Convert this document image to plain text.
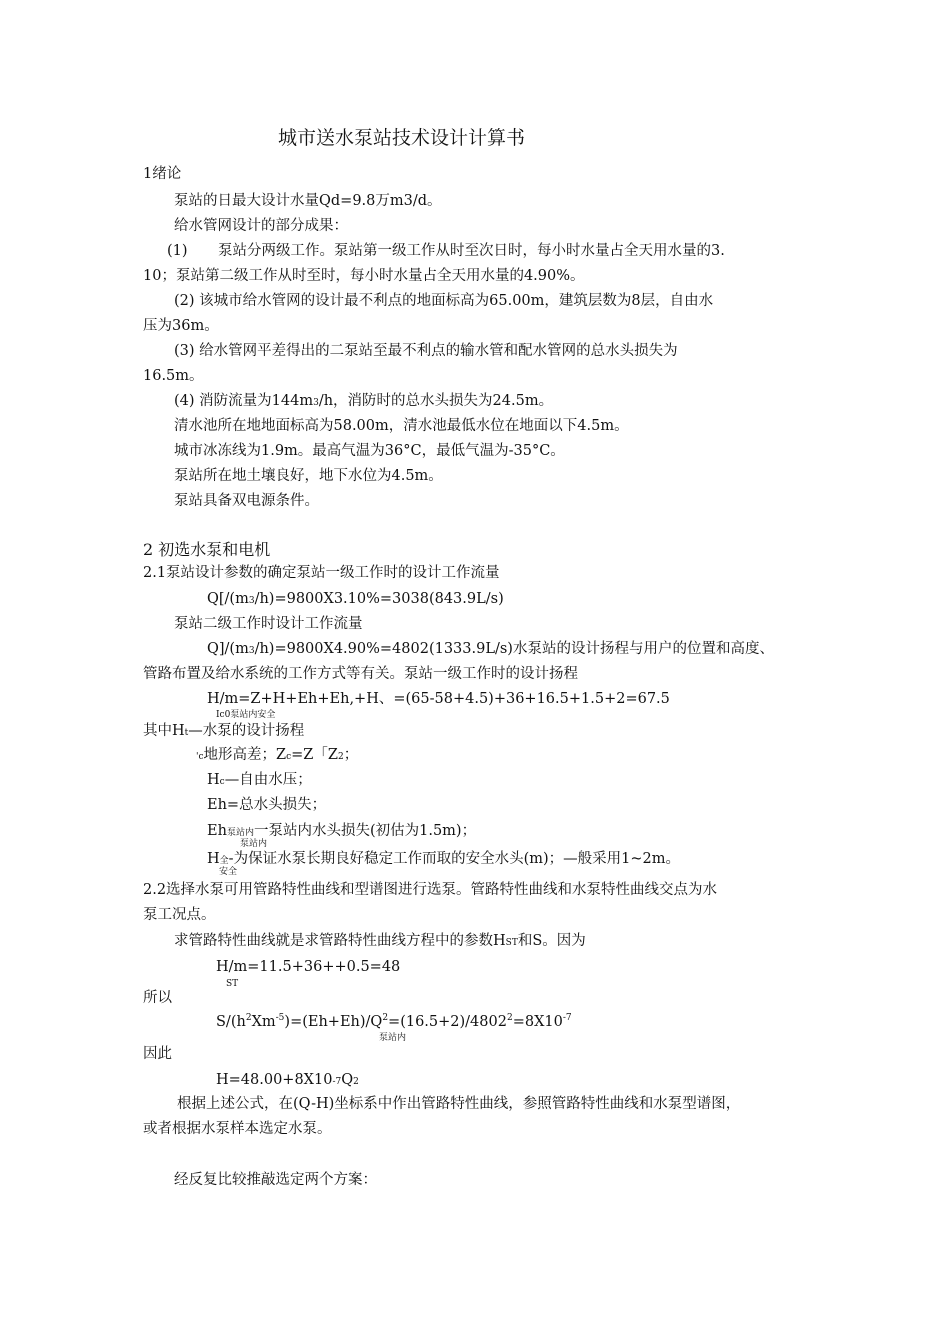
城市送水泵站技术设计计算书
1绪论
泵站的日最大设计水量Qd=9.8万m3/d。
给水管网设计的部分成果：
(1) 泵站分两级工作。泵站第一级工作从时至次日时，每小时水量占全天用水量的3.
10；泵站第二级工作从时至时，每小时水量占全天用水量的4.90%。
(2) 该城市给水管网的设计最不利点的地面标高为65.00m，建筑层数为8层，自由水
压为36m。
(3) 给水管网平差得出的二泵站至最不利点的输水管和配水管网的总水头损失为
16.5m。
(4) 消防流量为144m3/h，消防时的总水头损失为24.5m。
清水池所在地地面标高为58.00m，清水池最低水位在地面以下4.5m。
城市冰冻线为1.9m。最高气温为36°C，最低气温为-35°C。
泵站所在地土壤良好，地下水位为4.5m。
泵站具备双电源条件。
2 初选水泵和电机
2.1泵站设计参数的确定泵站一级工作时的设计工作流量
Q[/(m3/h)=9800X3.10%=3038(843.9L/s)
泵站二级工作时设计工作流量
Q]/(m3/h)=9800X4.90%=4802(1333.9L/s)水泵站的设计扬程与用户的位置和高度、
管路布置及给水系统的工作方式等有关。泵站一级工作时的设计扬程
H/m=Z+H+Eh+Eh,+H、=(65-58+4.5)+36+16.5+1.5+2=67.5
Ic0泵站内安全
其中Ht—水泵的设计扬程
'c地形高差；Zc=Z「Z2；
Hc—自由水压；
Eh=总水头损失；
Eh泵站内一泵站内水头损失(初估为1.5m)；
泵站内
H全-为保证水泵长期良好稳定工作而取的安全水头(m)；—般采用1~2m。
安全
2.2选择水泵可用管路特性曲线和型谱图进行选泵。管路特性曲线和水泵特性曲线交点为水
泵工况点。
求管路特性曲线就是求管路特性曲线方程中的参数HST和S。因为
H/m=11.5+36++0.5=48
ST
所以
$S/(h^2Xm^{-5})=(Eh+Eh)/Q^2=(16.5+2)/4802^2=8X10^{-7}$
泵站内
因此
H=48.00+8X10-7Q2
根据上述公式，在(Q-H)坐标系中作出管路特性曲线，参照管路特性曲线和水泵型谱图，
或者根据水泵样本选定水泵。
经反复比较推敲选定两个方案：
